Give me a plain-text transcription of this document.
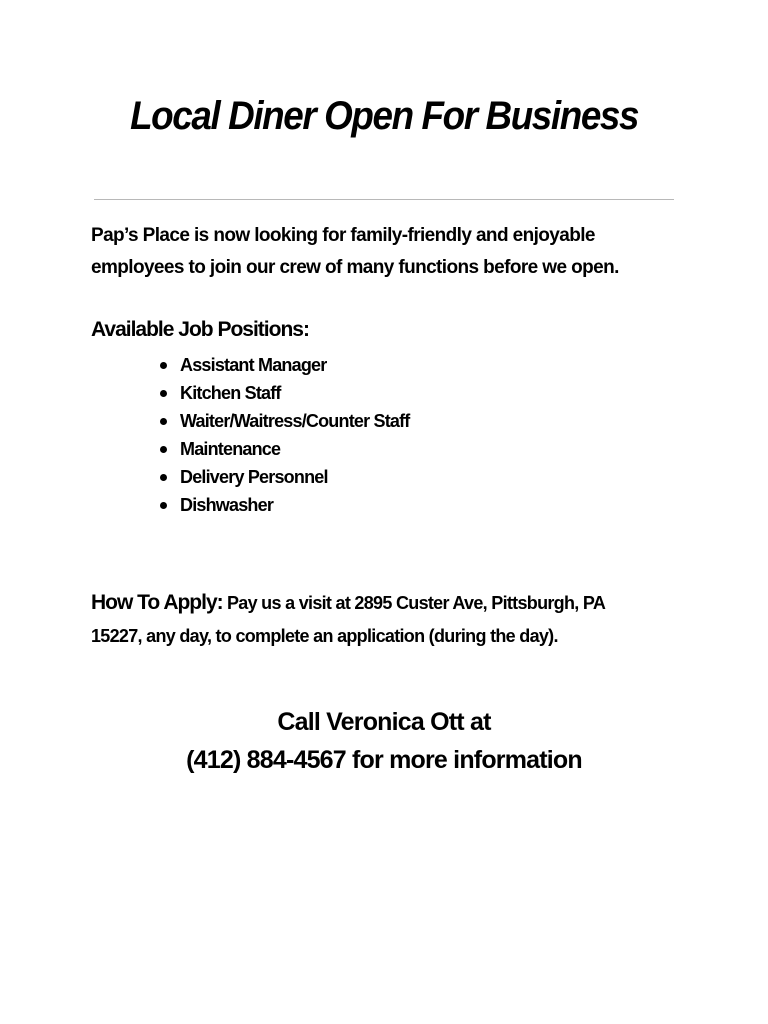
Local Diner Open For Business
Pap’s Place is now looking for family-friendly and enjoyable
employees to join our crew of many functions before we open.
Available Job Positions:
Assistant Manager
Kitchen Staff
Waiter/Waitress/Counter Staff
Maintenance
Delivery Personnel
Dishwasher
How To Apply: Pay us a visit at 2895 Custer Ave, Pittsburgh, PA
15227, any day, to complete an application (during the day).
Call Veronica Ott at
(412) 884-4567 for more information
